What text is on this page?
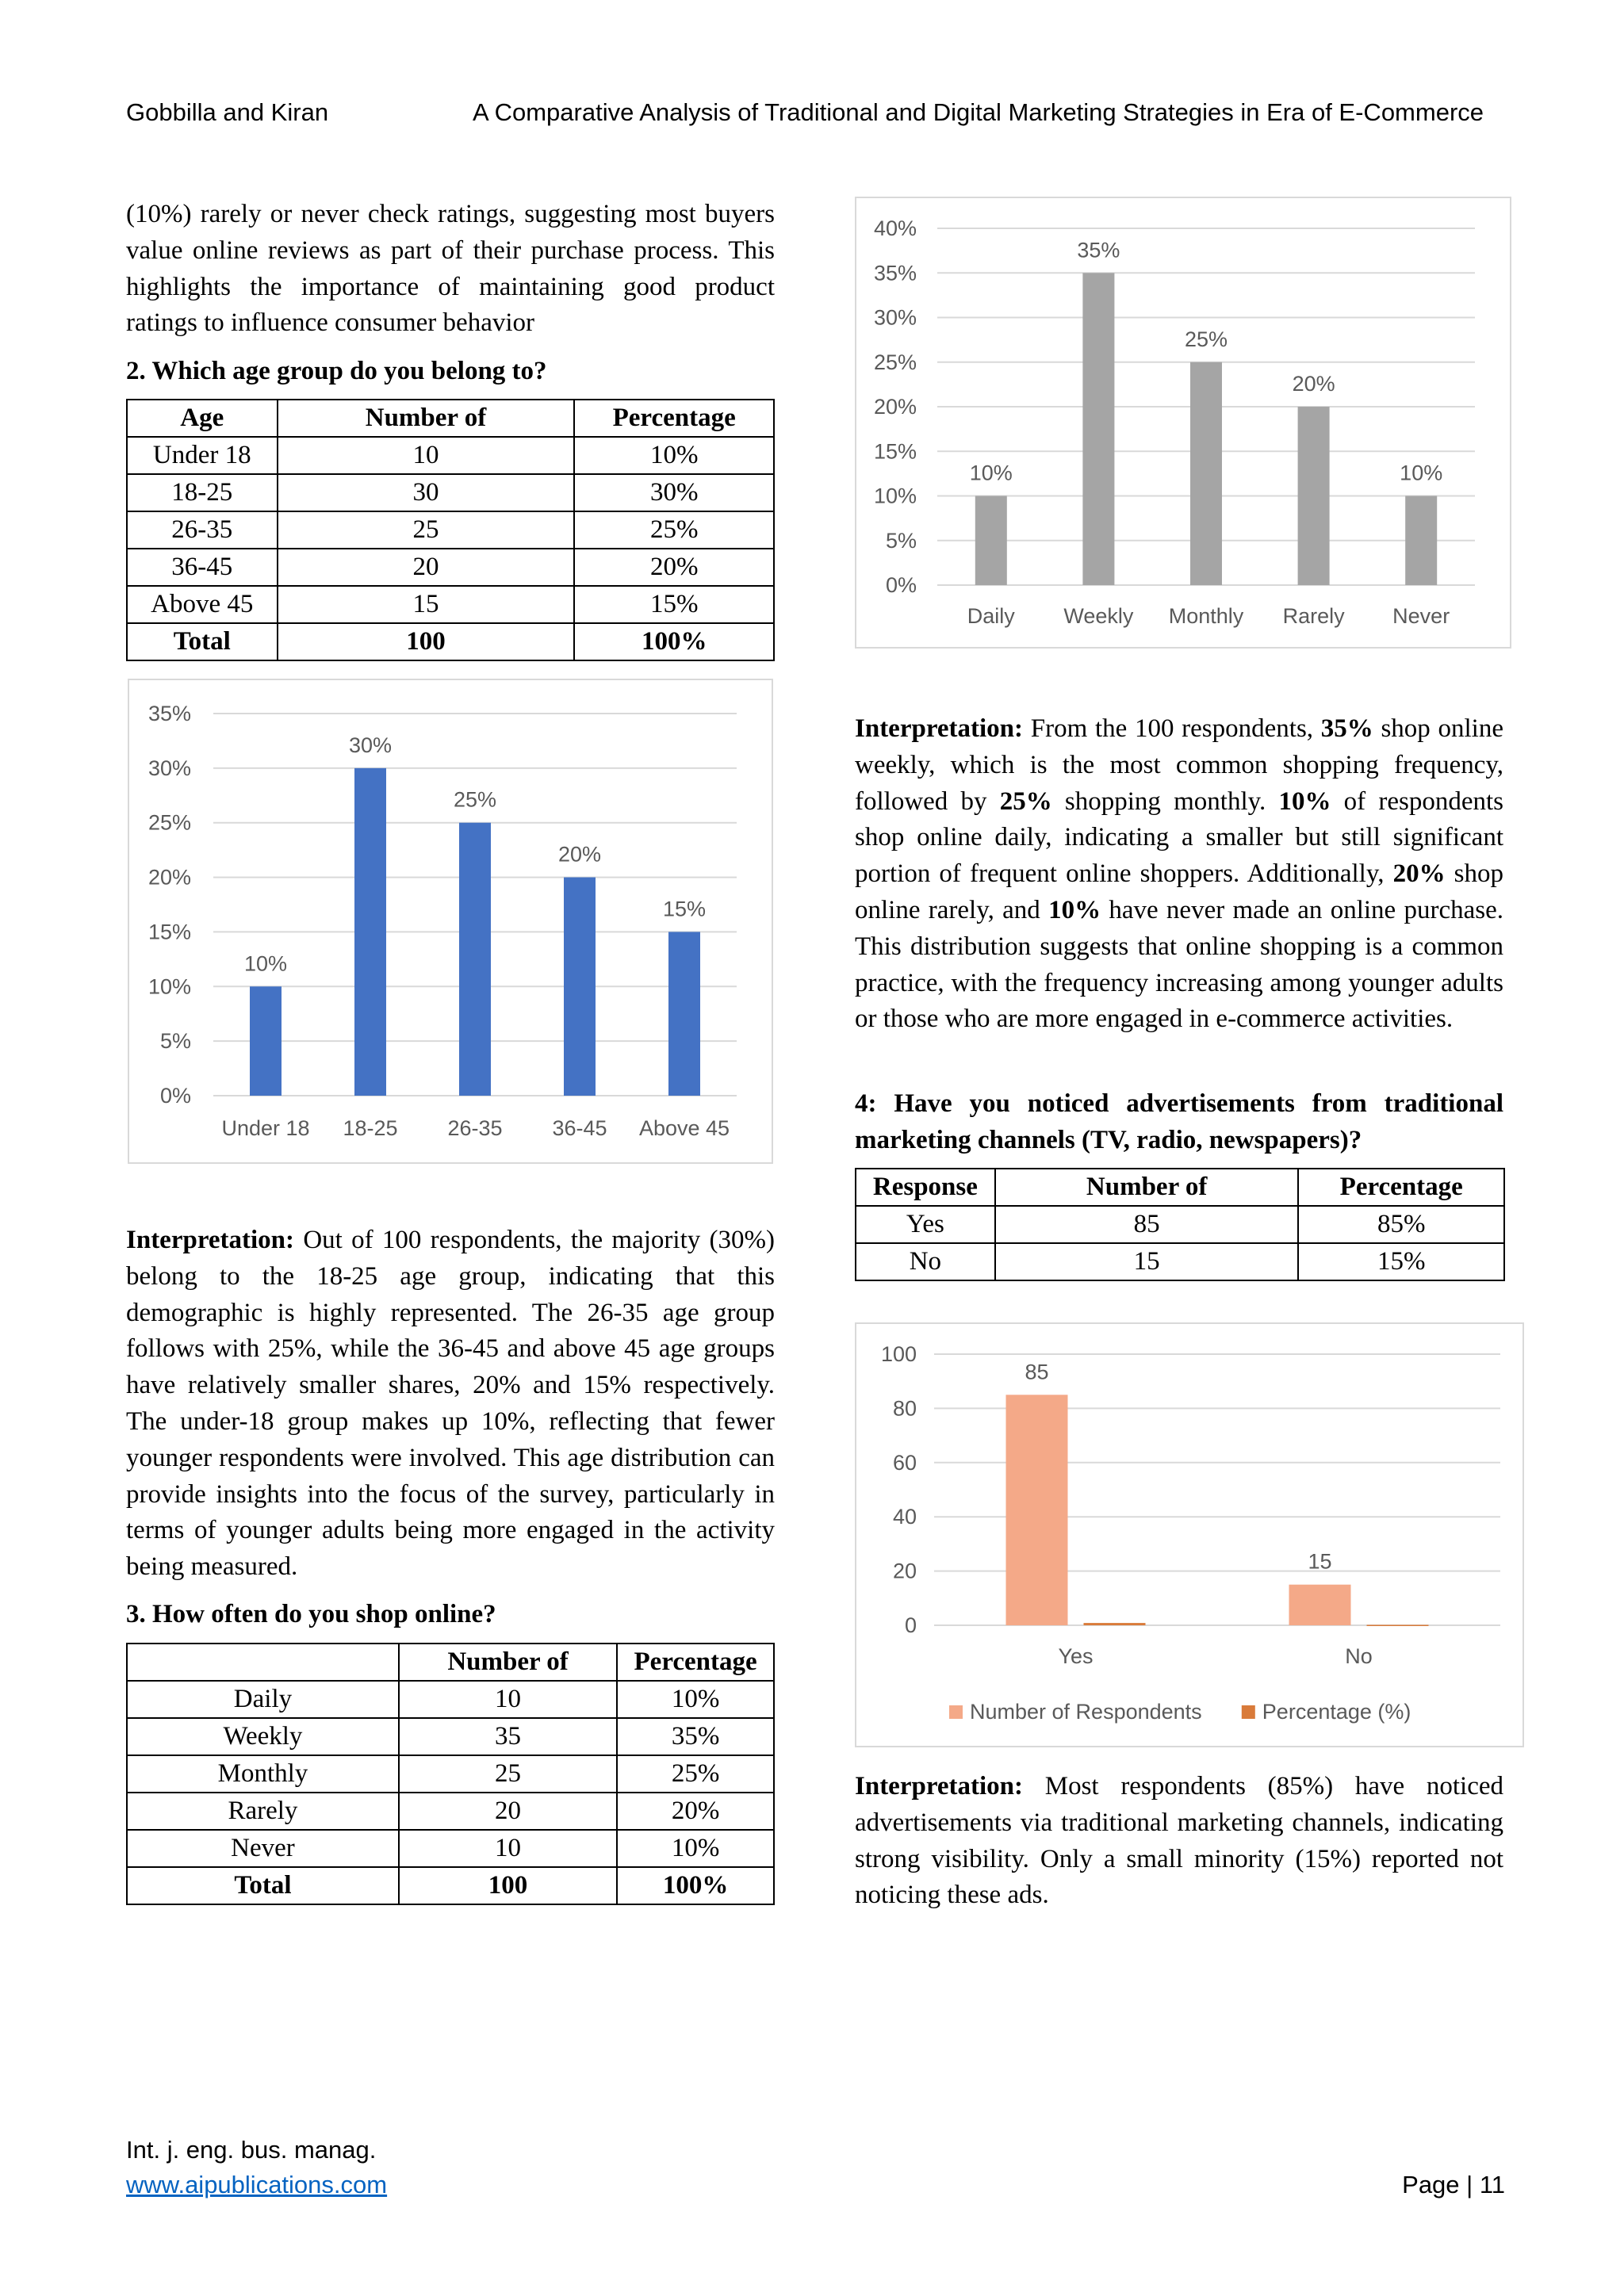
Gobbilla and Kiran	A Comparative Analysis of Traditional and Digital Marketing Strategies in Era of E-Commerce

(10%) rarely or never check ratings, suggesting most buyers value online reviews as part of their purchase process. This highlights the importance of maintaining good product ratings to influence consumer behavior

2. Which age group do you belong to?
Age	Number of	Percentage
Under 18	10	10%
18-25	30	30%
26-35	25	25%
36-45	20	20%
Above 45	15	15%
Total	100	100%
0%
5%
10%
15%
20%
25%
30%
35%
10%
Under 18
30%
18-25
25%
26-35
20%
36-45
15%
Above 45

Interpretation: Out of 100 respondents, the majority (30%) belong to the 18-25 age group, indicating that this demographic is highly represented. The 26-35 age group follows with 25%, while the 36-45 and above 45 age groups have relatively smaller shares, 20% and 15% respectively. The under-18 group makes up 10%, reflecting that fewer younger respondents were involved. This age distribution can provide insights into the focus of the survey, particularly in terms of younger adults being more engaged in the activity being measured.

3. How often do you shop online?
	Number of	Percentage
Daily	10	10%
Weekly	35	35%
Monthly	25	25%
Rarely	20	20%
Never	10	10%
Total	100	100%
0%
5%
10%
15%
20%
25%
30%
35%
40%
10%
Daily
35%
Weekly
25%
Monthly
20%
Rarely
10%
Never

Interpretation: From the 100 respondents, 35% shop online weekly, which is the most common shopping frequency, followed by 25% shopping monthly. 10% of respondents shop online daily, indicating a smaller but still significant portion of frequent online shoppers. Additionally, 20% shop online rarely, and 10% have never made an online purchase. This distribution suggests that online shopping is a common practice, with the frequency increasing among younger adults or those who are more engaged in e-commerce activities.

4: Have you noticed advertisements from traditional marketing channels (TV, radio, newspapers)?
Response	Number of	Percentage
Yes	85	85%
No	15	15%
0
20
40
60
80
100
85
Yes
15
No
Number of Respondents	Percentage (%)

Interpretation: Most respondents (85%) have noticed advertisements via traditional marketing channels, indicating strong visibility. Only a small minority (15%) reported not noticing these ads.

Int. j. eng. bus. manag.
www.aipublications.com	Page | 11
